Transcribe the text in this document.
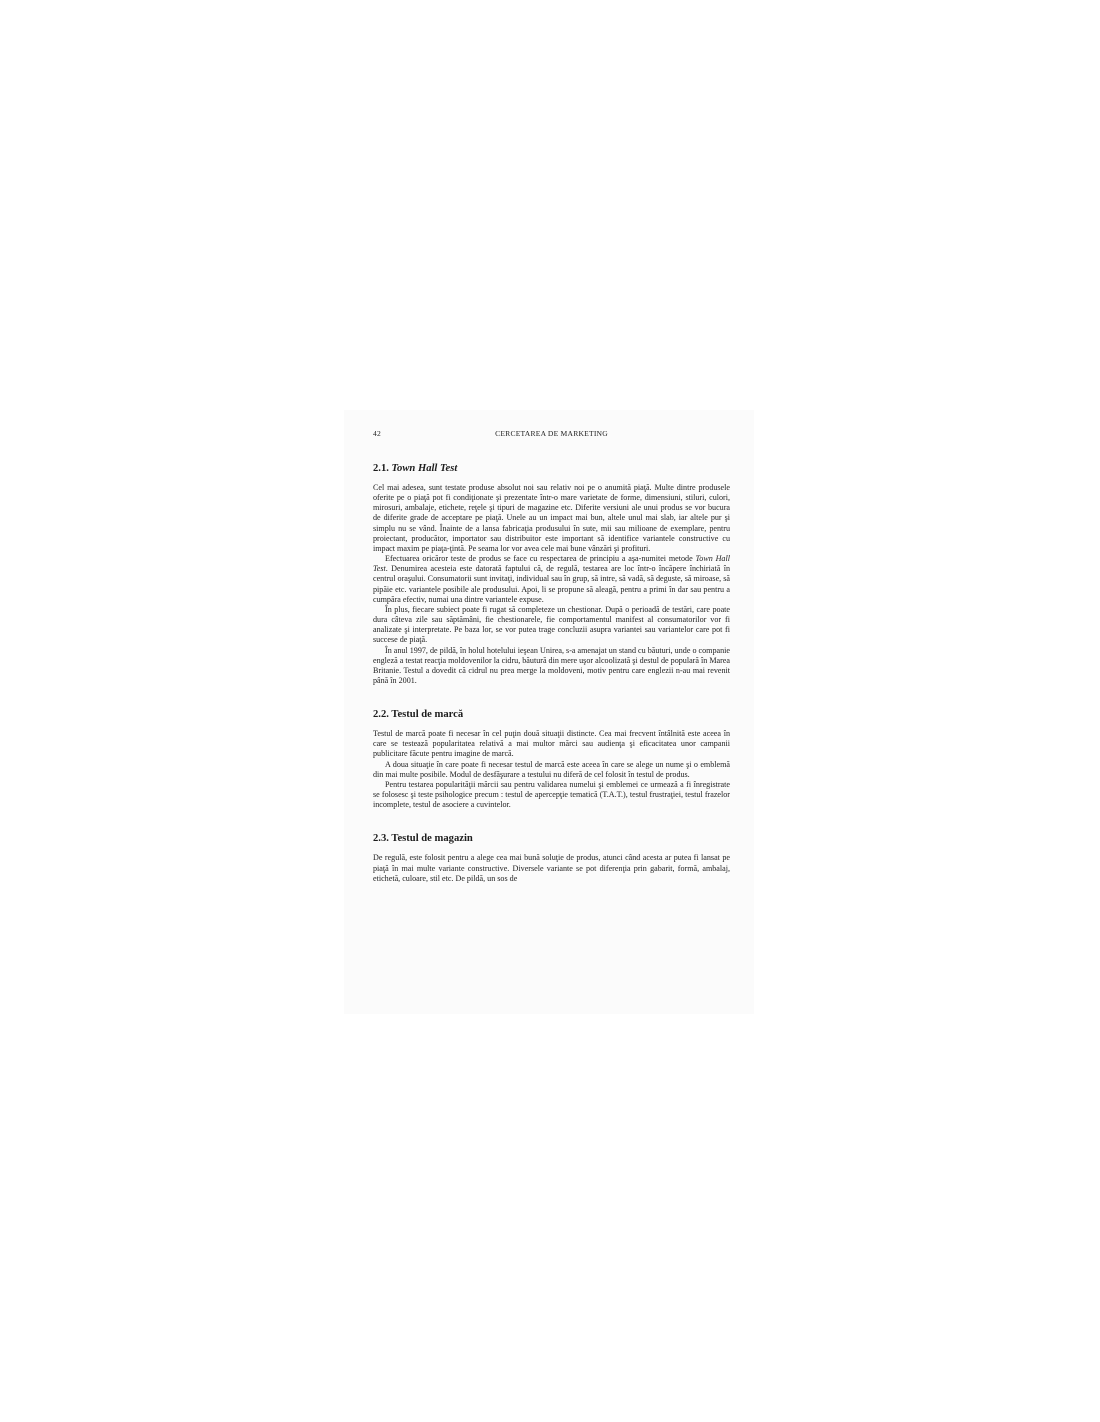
42	CERCETAREA DE MARKETING
2.1. Town Hall Test

Cel mai adesea, sunt testate produse absolut noi sau relativ noi pe o anumită piaţă. Multe dintre produsele oferite pe o piaţă pot fi condiţionate şi prezentate într-o mare varietate de forme, dimensiuni, stiluri, culori, mirosuri, ambalaje, etichete, reţele şi tipuri de magazine etc. Diferite versiuni ale unui produs se vor bucura de diferite grade de acceptare pe piaţă. Unele au un impact mai bun, altele unul mai slab, iar altele pur şi simplu nu se vând. Înainte de a lansa fabricaţia produsului în sute, mii sau milioane de exemplare, pentru proiectant, producător, importator sau distribuitor este important să identifice variantele constructive cu impact maxim pe piaţa-ţintă. Pe seama lor vor avea cele mai bune vânzări şi profituri.

Efectuarea oricăror teste de produs se face cu respectarea de principiu a aşa-numitei metode Town Hall Test. Denumirea acesteia este datorată faptului că, de regulă, testarea are loc într-o încăpere închiriată în centrul oraşului. Consumatorii sunt invitaţi, individual sau în grup, să intre, să vadă, să deguste, să miroase, să pipăie etc. variantele posibile ale produsului. Apoi, li se propune să aleagă, pentru a primi în dar sau pentru a cumpăra efectiv, numai una dintre variantele expuse.

În plus, fiecare subiect poate fi rugat să completeze un chestionar. După o perioadă de testări, care poate dura câteva zile sau săptămâni, fie chestionarele, fie comportamentul manifest al consumatorilor vor fi analizate şi interpretate. Pe baza lor, se vor putea trage concluzii asupra variantei sau variantelor care pot fi succese de piaţă.

În anul 1997, de pildă, în holul hotelului ieşean Unirea, s-a amenajat un stand cu băuturi, unde o companie engleză a testat reacţia moldovenilor la cidru, băutură din mere uşor alcoolizată şi destul de populară în Marea Britanie. Testul a dovedit că cidrul nu prea merge la moldoveni, motiv pentru care englezii n-au mai revenit până în 2001.

2.2. Testul de marcă

Testul de marcă poate fi necesar în cel puţin două situaţii distincte. Cea mai frecvent întâlnită este aceea în care se testează popularitatea relativă a mai multor mărci sau audienţa şi eficacitatea unor campanii publicitare făcute pentru imagine de marcă.

A doua situaţie în care poate fi necesar testul de marcă este aceea în care se alege un nume şi o emblemă din mai multe posibile. Modul de desfăşurare a testului nu diferă de cel folosit în testul de produs.

Pentru testarea popularităţii mărcii sau pentru validarea numelui şi emblemei ce urmează a fi înregistrate se folosesc şi teste psihologice precum : testul de apercepţie tematică (T.A.T.), testul frustraţiei, testul frazelor incomplete, testul de asociere a cuvintelor.

2.3. Testul de magazin

De regulă, este folosit pentru a alege cea mai bună soluţie de produs, atunci când acesta ar putea fi lansat pe piaţă în mai multe variante constructive. Diversele variante se pot diferenţia prin gabarit, formă, ambalaj, etichetă, culoare, stil etc. De pildă, un sos de
